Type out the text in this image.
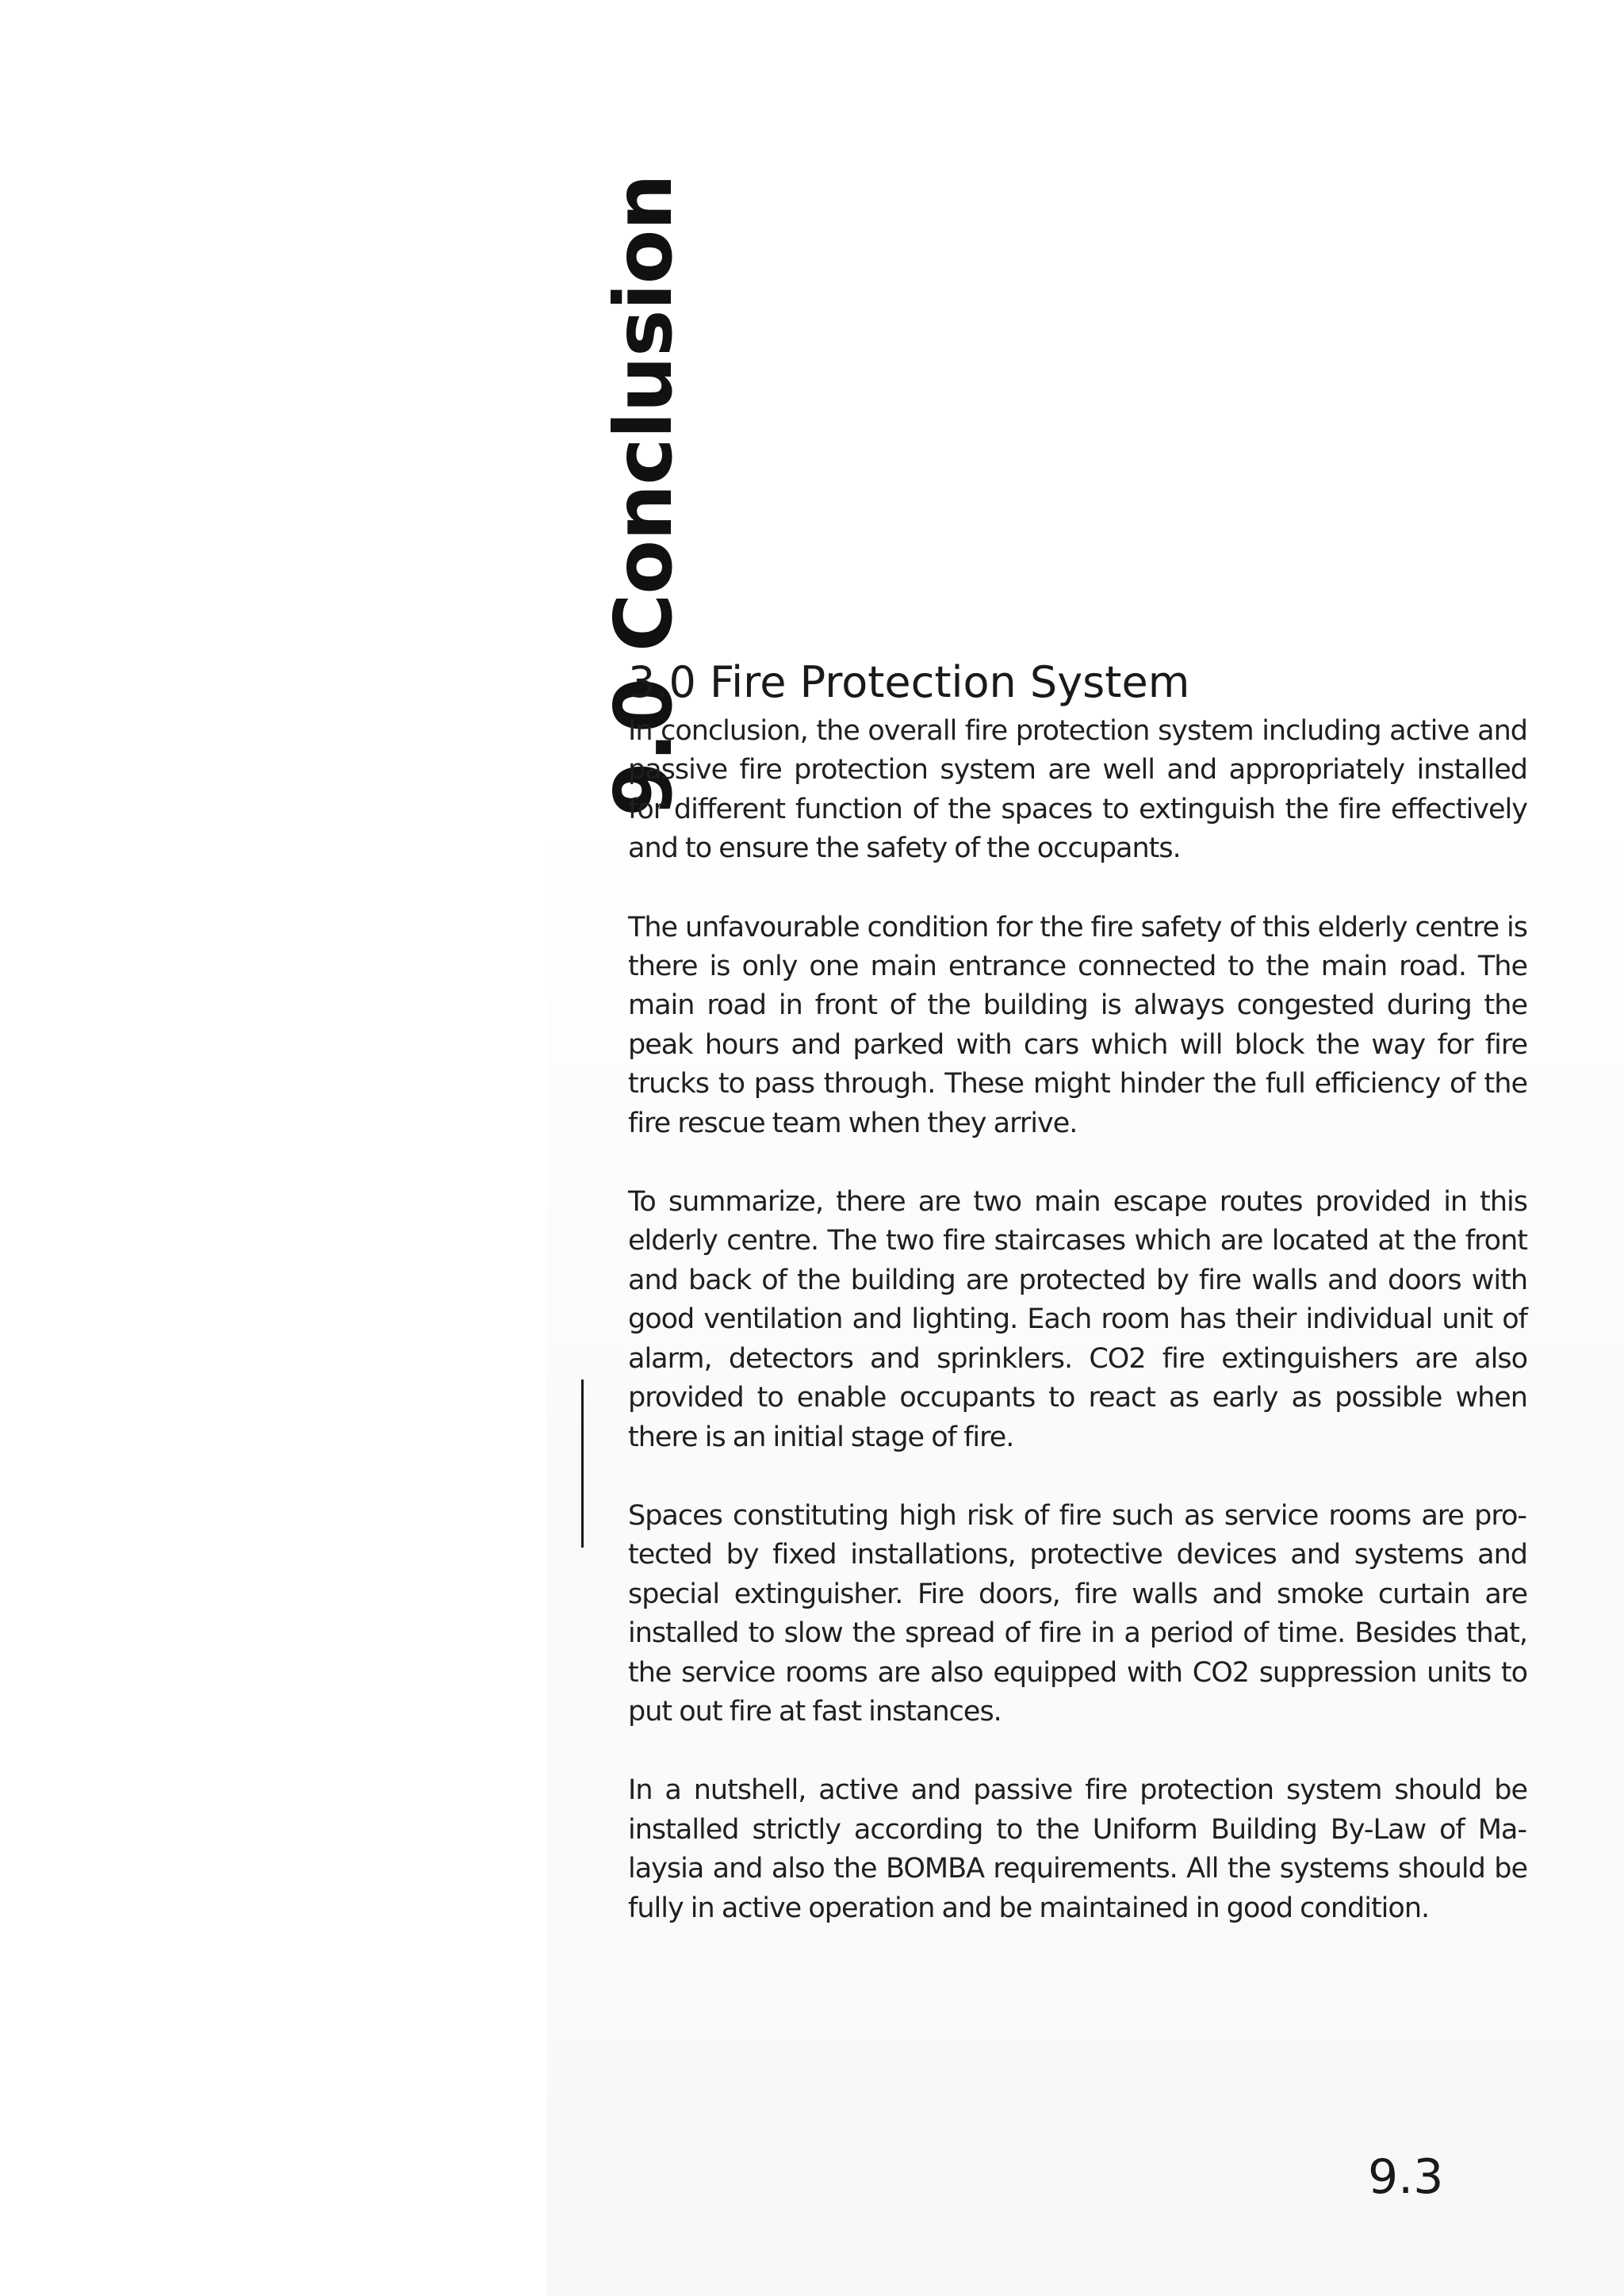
9.0 Conclusion
3.0 Fire Protection System

In conclusion, the overall fire protection system including active and passive fire protection system are well and appropriately installed for different function of the spaces to extinguish the fire effectively and to ensure the safety of the occupants.

The unfavourable condition for the fire safety of this elderly centre is there is only one main entrance connected to the main road. The main road in front of the building is always congested during the peak hours and parked with cars which will block the way for fire trucks to pass through. These might hinder the full efficiency of the fire rescue team when they arrive.

To summarize, there are two main escape routes provided in this elderly centre. The two fire staircases which are located at the front and back of the building are protected by fire walls and doors with good ventilation and lighting. Each room has their individual unit of alarm, detectors and sprinklers. CO2 fire extinguishers are also provided to enable occupants to react as early as possible when there is an initial stage of fire.

Spaces constituting high risk of fire such as service rooms are protected by fixed installations, protective devices and systems and special extinguisher. Fire doors, fire walls and smoke curtain are installed to slow the spread of fire in a period of time. Besides that, the service rooms are also equipped with CO2 suppression units to put out fire at fast instances.

In a nutshell, active and passive fire protection system should be installed strictly according to the Uniform Building By-Law of Malaysia and also the BOMBA requirements. All the systems should be fully in active operation and be maintained in good condition.

9.3
